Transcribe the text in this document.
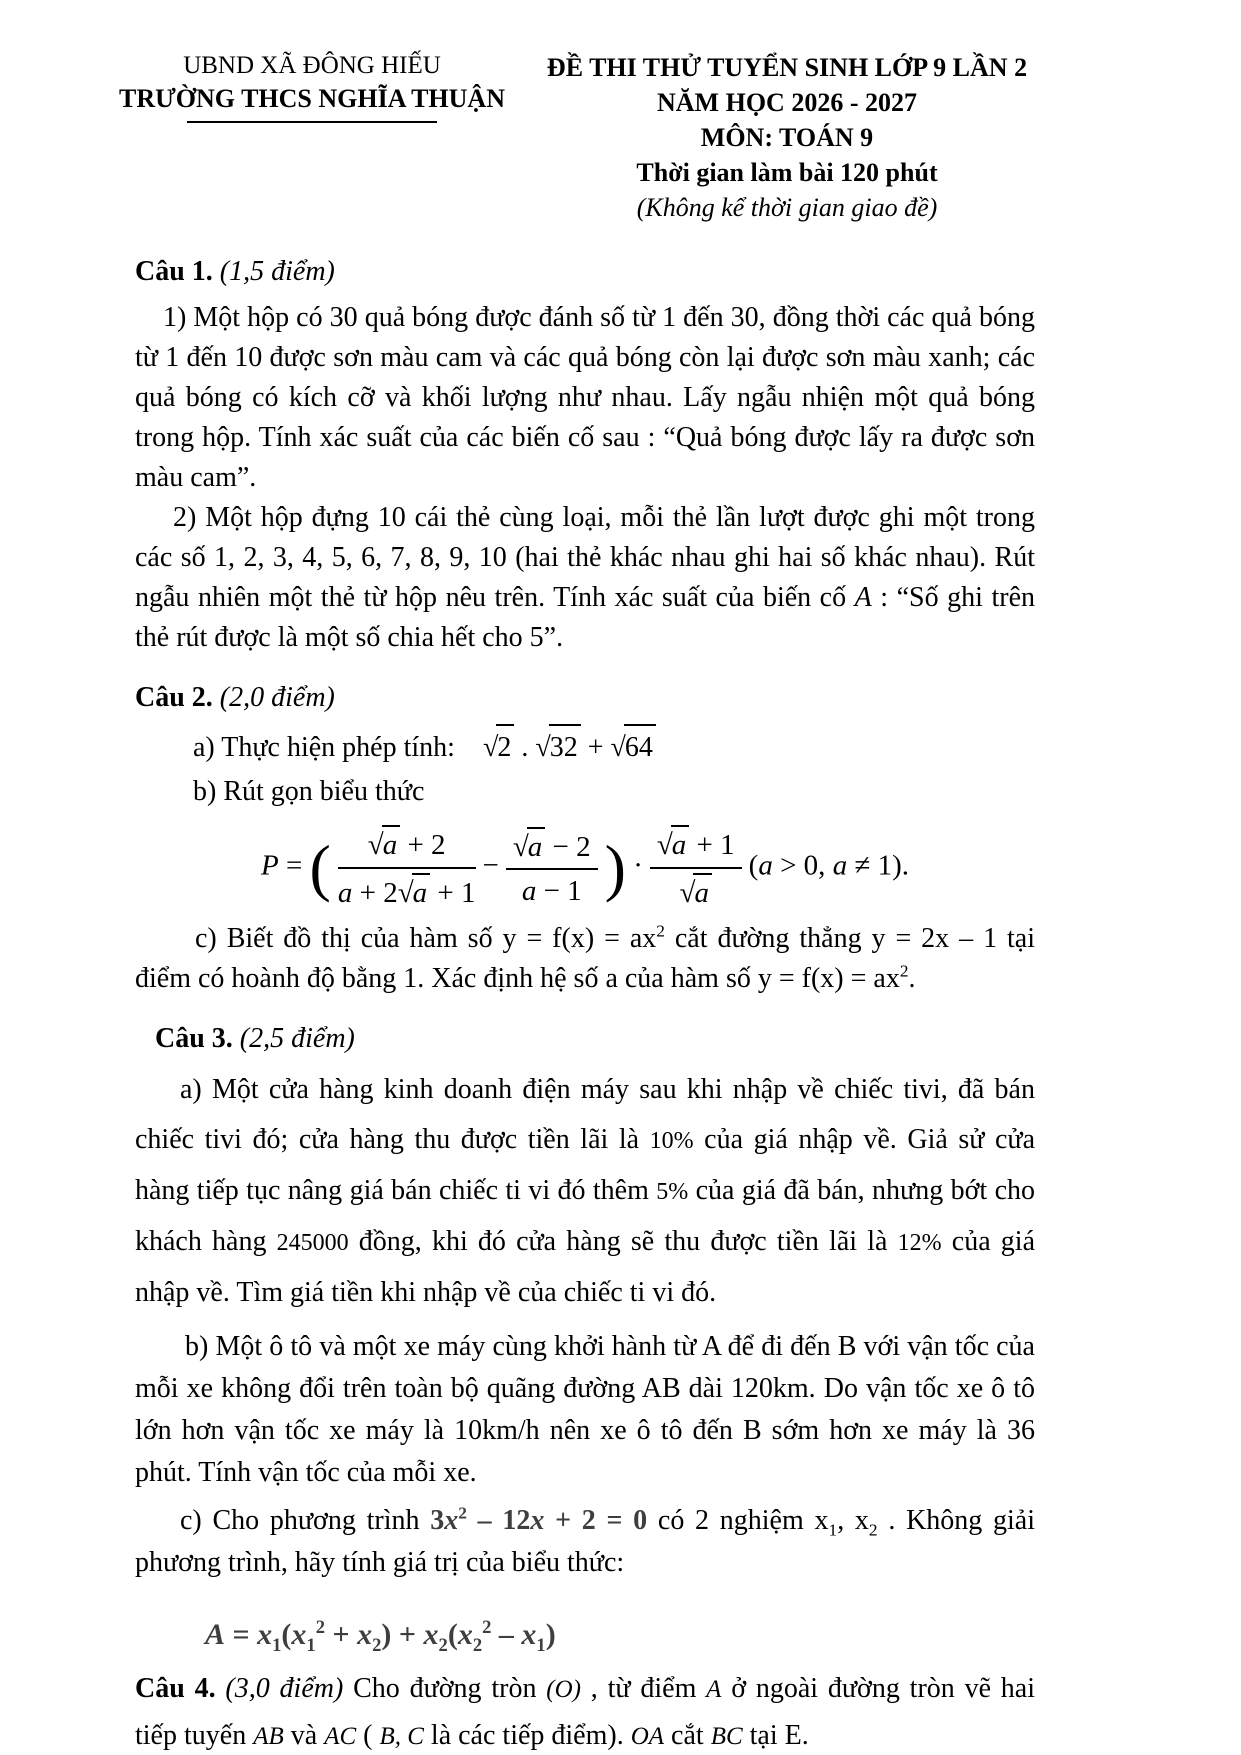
UBND XÃ ĐÔNG HIẾU
TRƯỜNG THCS NGHĨA THUẬN
ĐỀ THI THỬ TUYỂN SINH LỚP 9 LẦN 2
NĂM HỌC 2026 - 2027
MÔN: TOÁN 9
Thời gian làm bài 120 phút
(Không kể thời gian giao đề)

Câu 1. (1,5 điểm)

1) Một hộp có 30 quả bóng được đánh số từ 1 đến 30, đồng thời các quả bóng từ 1 đến 10 được sơn màu cam và các quả bóng còn lại được sơn màu xanh; các quả bóng có kích cỡ và khối lượng như nhau. Lấy ngẫu nhiện một quả bóng trong hộp. Tính xác suất của các biến cố sau : “Quả bóng được lấy ra được sơn màu cam”.

2) Một hộp đựng 10 cái thẻ cùng loại, mỗi thẻ lần lượt được ghi một trong các số 1, 2, 3, 4, 5, 6, 7, 8, 9, 10 (hai thẻ khác nhau ghi hai số khác nhau). Rút ngẫu nhiên một thẻ từ hộp nêu trên. Tính xác suất của biến cố A : “Số ghi trên thẻ rút được là một số chia hết cho 5”.

Câu 2. (2,0 điểm)

a) Thực hiện phép tính: √2 . √32 + √64

b) Rút gọn biểu thức

P = ( $\frac{√a + 2}{a + 2√a + 1} - \frac{√a - 2}{a - 1}$ ) · $\frac{√a + 1}{√a} (a > 0$, a ≠ 1).

c) Biết đồ thị của hàm số $y = f(x) = ax^2$ cắt đường thẳng y = 2x – 1 tại điểm có hoành độ bằng 1. Xác định hệ số a của hàm số $y = f(x) = ax^2$.

Câu 3. (2,5 điểm)

a) Một cửa hàng kinh doanh điện máy sau khi nhập về chiếc tivi, đã bán chiếc tivi đó; cửa hàng thu được tiền lãi là 10% của giá nhập về. Giả sử cửa hàng tiếp tục nâng giá bán chiếc ti vi đó thêm 5% của giá đã bán, nhưng bớt cho khách hàng 245000 đồng, khi đó cửa hàng sẽ thu được tiền lãi là 12% của giá nhập về. Tìm giá tiền khi nhập về của chiếc ti vi đó.

b) Một ô tô và một xe máy cùng khởi hành từ A để đi đến B với vận tốc của mỗi xe không đổi trên toàn bộ quãng đường AB dài 120km. Do vận tốc xe ô tô lớn hơn vận tốc xe máy là 10km/h nên xe ô tô đến B sớm hơn xe máy là 36 phút. Tính vận tốc của mỗi xe.

c) Cho phương trình $3x^2 - 12x + 2 = 0$ có 2 nghiệm $x_1$, $x_2$ . Không giải phương trình, hãy tính giá trị của biểu thức:

$A = x_1(x_1^2 + x_2) + x_2(x_2^2 - x_1)$

Câu 4. (3,0 điểm) Cho đường tròn (O) , từ điểm A ở ngoài đường tròn vẽ hai tiếp tuyến AB và AC ( B, C là các tiếp điểm). OA cắt BC tại E.
